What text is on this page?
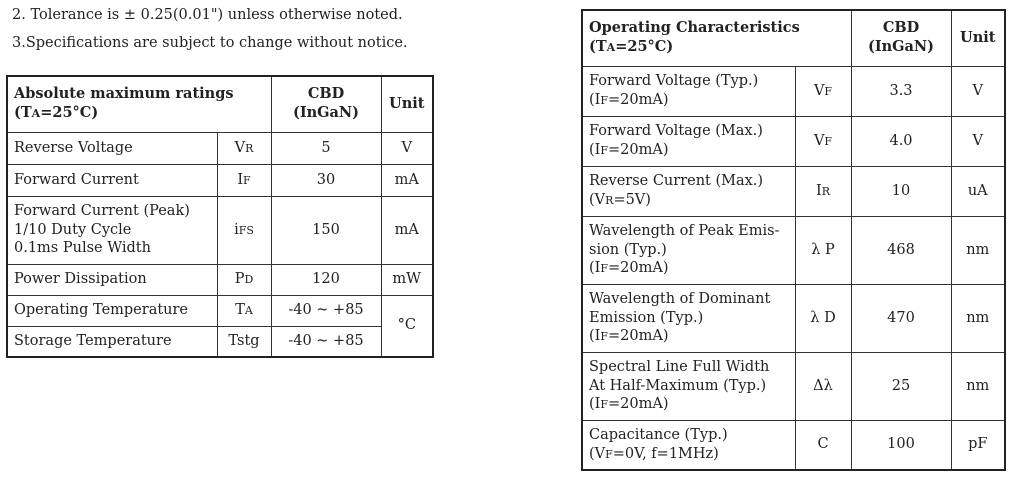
2. Tolerance is ± 0.25(0.01") unless otherwise noted.
3.Specifications are subject to change without notice.
Absolute maximum ratings
(TA=25°C)		CBD
(InGaN)	Unit

Reverse Voltage	VR	5	V

Forward Current	IF	30	mA

Forward Current (Peak)
1/10 Duty Cycle
0.1ms Pulse Width	iFS	150	mA

Power Dissipation	PD	120	mW

Operating Temperature	TA	-40 ~ +85	°C

Storage Temperature	Tstg	-40 ~ +85	
Operating Characteristics
(TA=25°C)		CBD
(InGaN)	Unit

Forward Voltage (Typ.)
(IF=20mA)	VF	3.3	V

Forward Voltage (Max.)
(IF=20mA)	VF	4.0	V

Reverse Current (Max.)
(VR=5V)	IR	10	uA

Wavelength of Peak Emis-
sion (Typ.)
(IF=20mA)	λ P	468	nm

Wavelength of Dominant
Emission (Typ.)
(IF=20mA)	λ D	470	nm

Spectral Line Full Width
At Half-Maximum (Typ.)
(IF=20mA)	Δλ	25	nm

Capacitance (Typ.)
(VF=0V, f=1MHz)	C	100	pF
